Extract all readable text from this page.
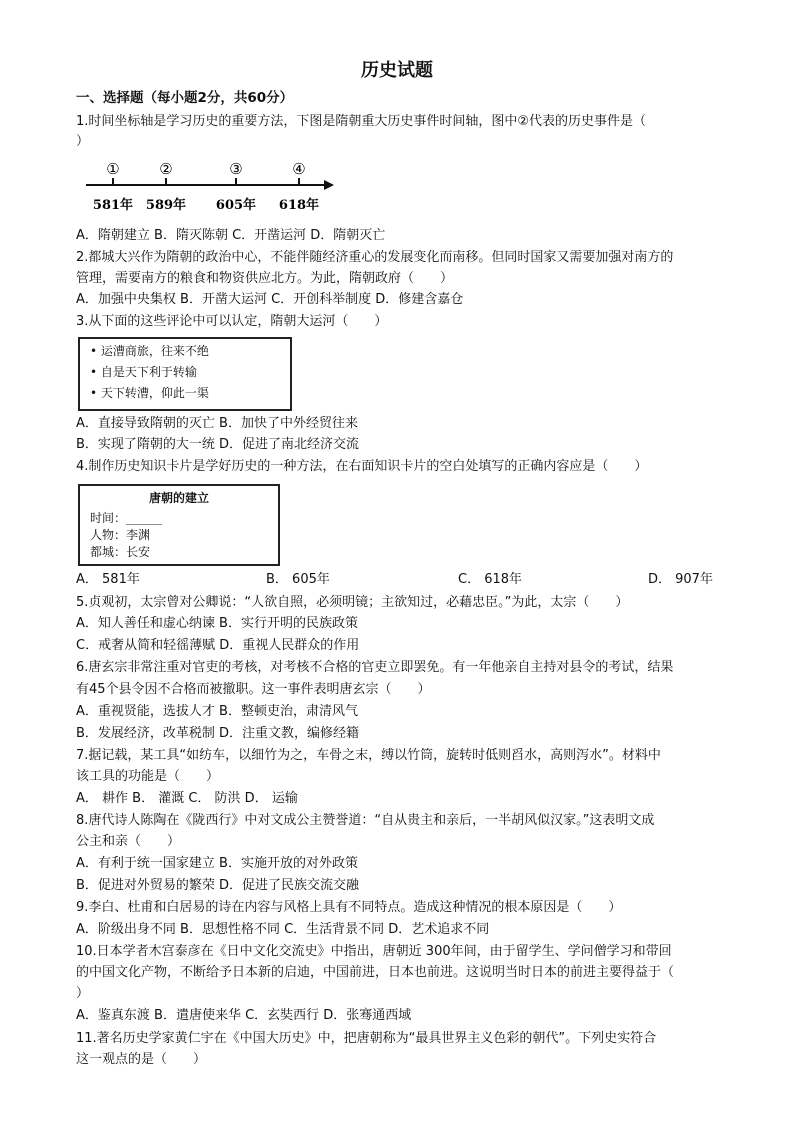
历史试题
一、选择题（每小题2分，共60分）
1.时间坐标轴是学习历史的重要方法，下图是隋朝重大历史事件时间轴，图中②代表的历史事件是（
）
①	②	③	④
581年 589年 605年 618年
A．隋朝建立 B．隋灭陈朝 C．开凿运河 D．隋朝灭亡
2.都城大兴作为隋朝的政治中心，不能伴随经济重心的发展变化而南移。但同时国家又需要加强对南方的
管理，需要南方的粮食和物资供应北方。为此，隋朝政府（　　）
A．加强中央集权 B．开凿大运河 C．开创科举制度 D．修建含嘉仓
3.从下面的这些评论中可以认定，隋朝大运河（　　）
• 运漕商旅，往来不绝
• 自是天下利于转输
• 天下转漕，仰此一渠
A．直接导致隋朝的灭亡 B．加快了中外经贸往来
B．实现了隋朝的大一统 D．促进了南北经济交流
4.制作历史知识卡片是学好历史的一种方法，在右面知识卡片的空白处填写的正确内容应是（　　）
唐朝的建立
时间：______
人物：李渊
都城：长安
A． 581年	B． 605年	C． 618年	D． 907年
5.贞观初，太宗曾对公卿说：“人欲自照，必须明镜；主欲知过，必藉忠臣。”为此，太宗（　　）
A．知人善任和虚心纳谏 B．实行开明的民族政策
C．戒奢从简和轻徭薄赋 D．重视人民群众的作用
6.唐玄宗非常注重对官吏的考核，对考核不合格的官吏立即罢免。有一年他亲自主持对县令的考试，结果
有45个县令因不合格而被撤职。这一事件表明唐玄宗（　　）
A．重视贤能，选拔人才 B．整顿吏治，肃清风气
B．发展经济，改革税制 D．注重文教，编修经籍
7.据记载，某工具“如纺车，以细竹为之，车骨之末，缚以竹筒，旋转时低则舀水，高则泻水”。材料中
该工具的功能是（　　）
A． 耕作 B． 灌溉 C． 防洪 D． 运输
8.唐代诗人陈陶在《陇西行》中对文成公主赞誉道：“自从贵主和亲后，一半胡风似汉家。”这表明文成
公主和亲（　　）
A．有利于统一国家建立 B．实施开放的对外政策
B．促进对外贸易的繁荣 D．促进了民族交流交融
9.李白、杜甫和白居易的诗在内容与风格上具有不同特点。造成这种情况的根本原因是（　　）
A．阶级出身不同 B．思想性格不同 C．生活背景不同 D．艺术追求不同
10.日本学者木宫泰彦在《日中文化交流史》中指出，唐朝近 300年间，由于留学生、学问僧学习和带回
的中国文化产物，不断给予日本新的启迪，中国前进，日本也前进。这说明当时日本的前进主要得益于（
）
A．鉴真东渡 B．遣唐使来华 C．玄奘西行 D．张骞通西域
11.著名历史学家黄仁宇在《中国大历史》中，把唐朝称为“最具世界主义色彩的朝代”。下列史实符合
这一观点的是（　　）
